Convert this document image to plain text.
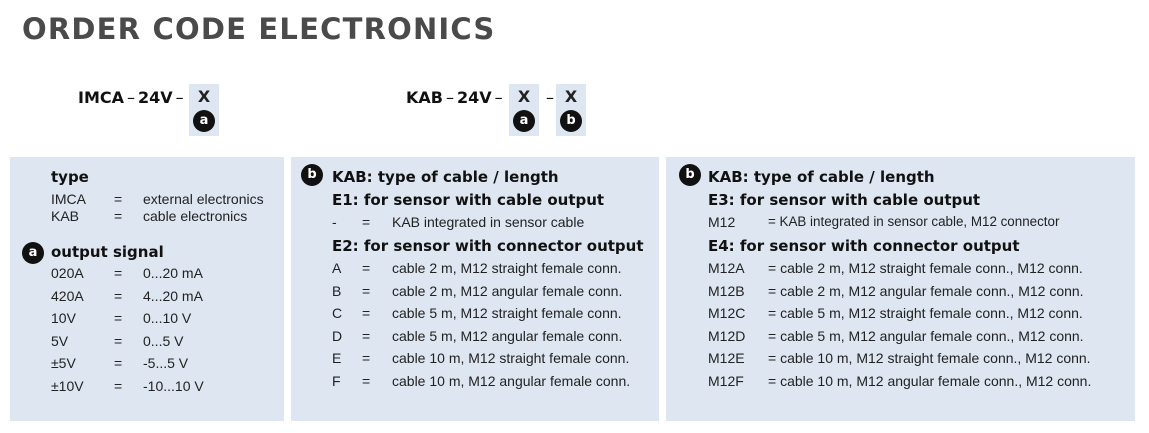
ORDER CODE ELECTRONICS
IMCA – 24V – X
a
KAB – 24V – X
a
– X
b
type
IMCA = external electronics
KAB = cable electronics
a output signal
020A = 0...20 mA
420A = 4...20 mA
10V	= 0...10 V
5V	= 0...5 V
±5V	= -5...5 V
±10V = -10...10 V
b	KAB: type of cable / length
E1: for sensor with cable output
- = KAB integrated in sensor cable
E2: for sensor with connector output
A = cable 2 m, M12 straight female conn.
B = cable 2 m, M12 angular female conn.
C = cable 5 m, M12 straight female conn.
D = cable 5 m, M12 angular female conn.
E = cable 10 m, M12 straight female conn.
F = cable 10 m, M12 angular female conn.
b KAB: type of cable / length
E3: for sensor with cable output
M12 = KAB integrated in sensor cable, M12 connector
E4: for sensor with connector output
M12A = cable 2 m, M12 straight female conn., M12 conn.
M12B = cable 2 m, M12 angular female conn., M12 conn.
M12C = cable 5 m, M12 straight female conn., M12 conn.
M12D = cable 5 m, M12 angular female conn., M12 conn.
M12E = cable 10 m, M12 straight female conn., M12 conn.
M12F = cable 10 m, M12 angular female conn., M12 conn.
